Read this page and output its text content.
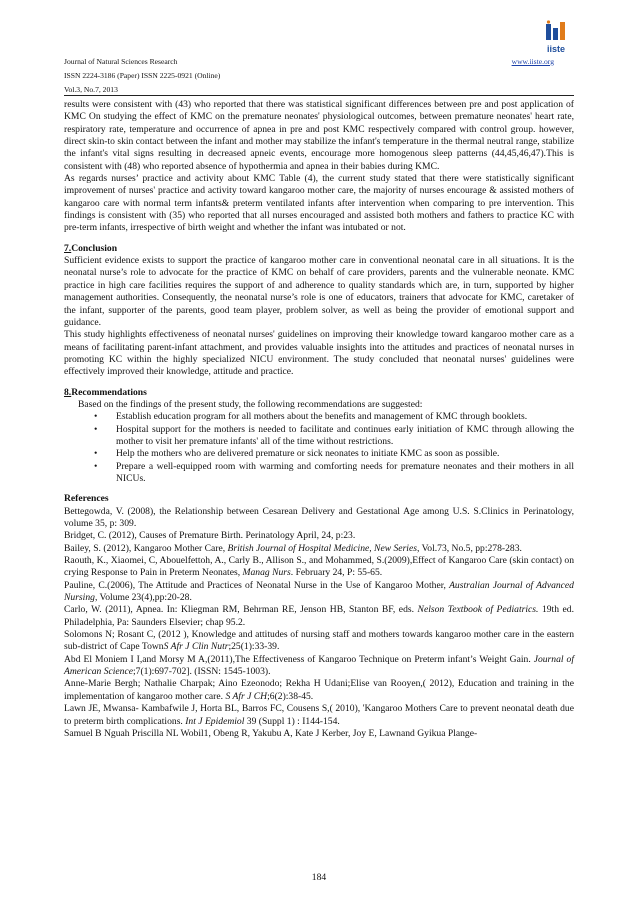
Journal of Natural Sciences Research
ISSN 2224-3186 (Paper) ISSN 2225-0921 (Online)
Vol.3, No.7, 2013
www.iiste.org
iiste

results were consistent with (43) who reported that there was statistical significant differences between pre and post application of KMC On studying the effect of KMC on the premature neonates' physiological outcomes, between premature neonates' heart rate, respiratory rate, temperature and occurrence of apnea in pre and post KMC respectively compared with control group. however, direct skin-to skin contact between the infant and mother may stabilize the infant's temperature in the thermal neutral range, stabilize the infant's vital signs resulting in decreased apneic events, encourage more homogenous sleep patterns (44,45,46,47).This is consistent with (48) who reported absence of hypothermia and apnea in their babies during KMC.

As regards nurses’ practice and activity about KMC Table (4), the current study stated that there were statistically significant improvement of nurses' practice and activity toward kangaroo mother care, the majority of nurses encourage & assisted mothers of kangaroo care with normal term infants& preterm ventilated infants after intervention when comparing to pre intervention. This findings is consistent with (35) who reported that all nurses encouraged and assisted both mothers and fathers to practice KC with pre-term infants, irrespective of birth weight and whether the infant was intubated or not.

7.Conclusion

Sufficient evidence exists to support the practice of kangaroo mother care in conventional neonatal care in all situations. It is the neonatal nurse’s role to advocate for the practice of KMC on behalf of care providers, parents and the vulnerable neonate. KMC practice in high care facilities requires the support of and adherence to quality standards which are, in turn, supported by higher management authorities. Consequently, the neonatal nurse’s role is one of educators, trainers that advocate for KMC, caretaker of the infant, supporter of the parents, good team player, problem solver, as well as being the provider of emotional support and guidance.

This study highlights effectiveness of neonatal nurses' guidelines on improving their knowledge toward kangaroo mother care as a means of facilitating parent-infant attachment, and provides valuable insights into the attitudes and practices of neonatal nurses in promoting KC within the highly specialized NICU environment. The study concluded that neonatal nurses' guidelines were effectively improved their knowledge, attitude and practice.

8.Recommendations

Based on the findings of the present study, the following recommendations are suggested:

• Establish education program for all mothers about the benefits and management of KMC through booklets.
• Hospital support for the mothers is needed to facilitate and continues early initiation of KMC through allowing the mother to visit her premature infants' all of the time without restrictions.
• Help the mothers who are delivered premature or sick neonates to initiate KMC as soon as possible.
• Prepare a well-equipped room with warming and comforting needs for premature neonates and their mothers in all NICUs.

References

Bettegowda, V. (2008), the Relationship between Cesarean Delivery and Gestational Age among U.S. S.Clinics in Perinatology, volume 35, p: 309.

Bridget, C. (2012), Causes of Premature Birth. Perinatology April, 24, p:23.

Bailey, S. (2012), Kangaroo Mother Care, British Journal of Hospital Medicine, New Series, Vol.73, No.5, pp:278-283.

Raouth, K., Xiaomei, C, Abouelfettoh, A., Carly B., Allison S., and Mohammed, S.(2009),Effect of Kangaroo Care (skin contact) on crying Response to Pain in Preterm Neonates, Manag Nurs. February 24, P: 55-65.

Pauline, C.(2006), The Attitude and Practices of Neonatal Nurse in the Use of Kangaroo Mother, Australian Journal of Advanced Nursing, Volume 23(4),pp:20-28.

Carlo, W. (2011), Apnea. In: Kliegman RM, Behrman RE, Jenson HB, Stanton BF, eds. Nelson Textbook of Pediatrics. 19th ed. Philadelphia, Pa: Saunders Elsevier; chap 95.2.

Solomons N; Rosant C, (2012 ), Knowledge and attitudes of nursing staff and mothers towards kangaroo mother care in the eastern sub-district of Cape TownS Afr J Clin Nutr;25(1):33-39.

Abd El Moniem I I,and Morsy M A,(2011),The Effectiveness of Kangaroo Technique on Preterm infant’s Weight Gain. Journal of American Science;7(1):697-702]. (ISSN: 1545-1003).

Anne-Marie Bergh; Nathalie Charpak; Aino Ezeonodo; Rekha H Udani;Elise van Rooyen,( 2012), Education and training in the implementation of kangaroo mother care. S Afr J CH;6(2):38-45.

Lawn JE, Mwansa- Kambafwile J, Horta BL, Barros FC, Cousens S,( 2010), 'Kangaroo Mothers Care to prevent neonatal death due to preterm birth complications. Int J Epidemiol 39 (Suppl 1) : I144-154.

Samuel B Nguah Priscilla NL Wobil1, Obeng R, Yakubu A, Kate J Kerber, Joy E, Lawnand Gyikua Plange-

184
